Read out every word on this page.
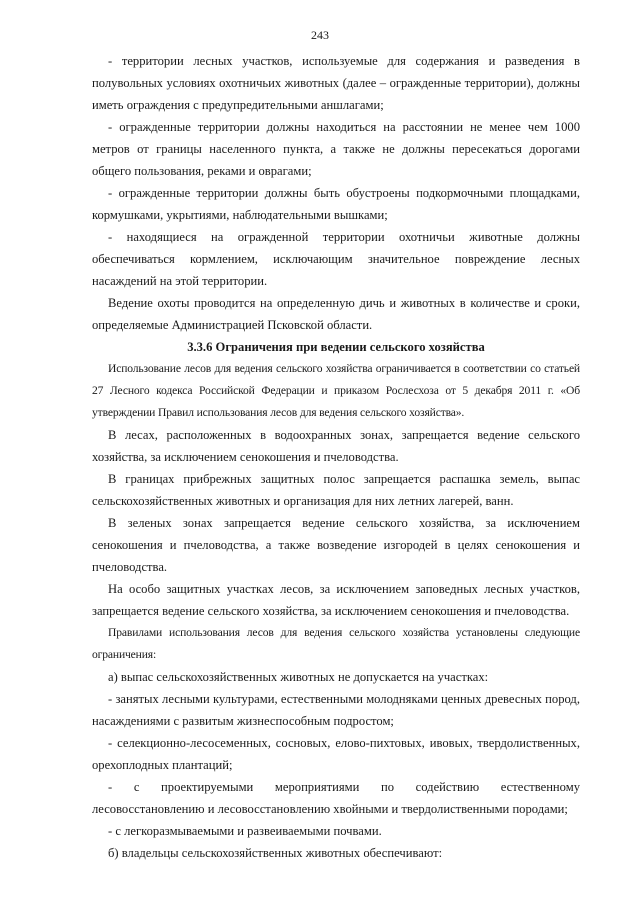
243

- территории лесных участков, используемые для содержания и разведения в полувольных условиях охотничьих животных (далее – огражденные территории), должны иметь ограждения с предупредительными аншлагами;

- огражденные территории должны находиться на расстоянии не менее чем 1000 метров от границы населенного пункта, а также не должны пересекаться дорогами общего пользования, реками и оврагами;

- огражденные территории должны быть обустроены подкормочными площадками, кормушками, укрытиями, наблюдательными вышками;

- находящиеся на огражденной территории охотничьи животные должны обеспечиваться кормлением, исключающим значительное повреждение лесных насаждений на этой территории.

Ведение охоты проводится на определенную дичь и животных в количестве и сроки, определяемые Администрацией Псковской области.

3.3.6 Ограничения при ведении сельского хозяйства

Использование лесов для ведения сельского хозяйства ограничивается в соответствии со статьей 27 Лесного кодекса Российской Федерации и приказом Рослесхоза от 5 декабря 2011 г. «Об утверждении Правил использования лесов для ведения сельского хозяйства».

В лесах, расположенных в водоохранных зонах, запрещается ведение сельского хозяйства, за исключением сенокошения и пчеловодства.

В границах прибрежных защитных полос запрещается распашка земель, выпас сельскохозяйственных животных и организация для них летних лагерей, ванн.

В зеленых зонах запрещается ведение сельского хозяйства, за исключением сенокошения и пчеловодства, а также возведение изгородей в целях сенокошения и пчеловодства.

На особо защитных участках лесов, за исключением заповедных лесных участков, запрещается ведение сельского хозяйства, за исключением сенокошения и пчеловодства.

Правилами использования лесов для ведения сельского хозяйства установлены следующие ограничения:

а) выпас сельскохозяйственных животных не допускается на участках:

- занятых лесными культурами, естественными молодняками ценных древесных пород, насаждениями с развитым жизнеспособным подростом;

- селекционно-лесосеменных, сосновых, елово-пихтовых, ивовых, твердолиственных, орехоплодных плантаций;

- с проектируемыми мероприятиями по содействию естественному лесовосстановлению и лесовосстановлению хвойными и твердолиственными породами;

- с легкоразмываемыми и развеиваемыми почвами.

б) владельцы сельскохозяйственных животных обеспечивают:
